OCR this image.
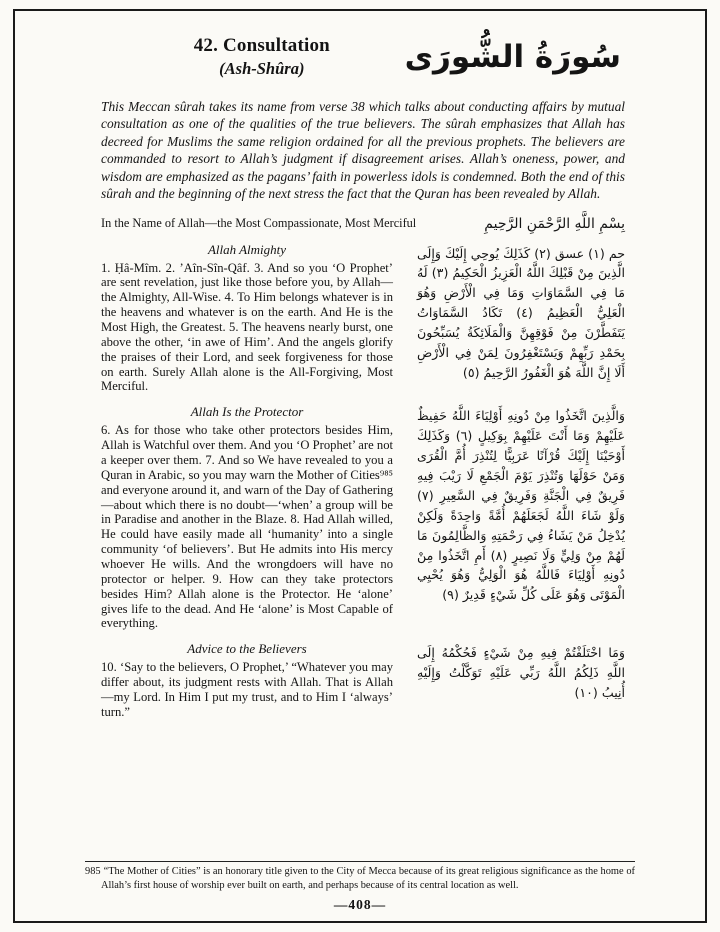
42. Consultation
(Ash-Shûra)	سُورَةُ الشُّورَى

This Meccan sûrah takes its name from verse 38 which talks about conducting affairs by mutual consultation as one of the qualities of the true believers. The sûrah emphasizes that Allah has decreed for Muslims the same religion ordained for all the previous prophets. The believers are commanded to resort to Allah’s judgment if disagreement arises. Allah’s oneness, power, and wisdom are emphasized as the pagans’ faith in powerless idols is condemned. Both the end of this sûrah and the beginning of the next stress the fact that the Quran has been revealed by Allah.

In the Name of Allah—the Most Compassionate, Most Merciful	بِسْمِ اللَّهِ الرَّحْمَنِ الرَّحِيمِ
Allah Almighty

1. Ḥâ-Mîm. 2. ’Aîn-Sîn-Qâf. 3. And so you ‘O Prophet’ are sent revelation, just like those before you, by Allah—the Almighty, All-Wise. 4. To Him belongs whatever is in the heavens and whatever is on the earth. And He is the Most High, the Greatest. 5. The heavens nearly burst, one above the other, ‘in awe of Him’. And the angels glorify the praises of their Lord, and seek forgiveness for those on earth. Surely Allah alone is the All-Forgiving, Most Merciful.

حم (١) عسق (٢) كَذَلِكَ يُوحِي إِلَيْكَ وَإِلَى الَّذِينَ مِنْ قَبْلِكَ اللَّهُ الْعَزِيزُ الْحَكِيمُ (٣) لَهُ مَا فِي السَّمَاوَاتِ وَمَا فِي الْأَرْضِ وَهُوَ الْعَلِيُّ الْعَظِيمُ (٤) تَكَادُ السَّمَاوَاتُ يَتَفَطَّرْنَ مِنْ فَوْقِهِنَّ وَالْمَلَائِكَةُ يُسَبِّحُونَ بِحَمْدِ رَبِّهِمْ وَيَسْتَغْفِرُونَ لِمَنْ فِي الْأَرْضِ أَلَا إِنَّ اللَّهَ هُوَ الْغَفُورُ الرَّحِيمُ (٥)
Allah Is the Protector

6. As for those who take other protectors besides Him, Allah is Watchful over them. And you ‘O Prophet’ are not a keeper over them. 7. And so We have revealed to you a Quran in Arabic, so you may warn the Mother of Cities⁹⁸⁵ and everyone around it, and warn of the Day of Gathering—about which there is no doubt—‘when’ a group will be in Paradise and another in the Blaze. 8. Had Allah willed, He could have easily made all ‘humanity’ into a single community ‘of believers’. But He admits into His mercy whoever He wills. And the wrongdoers will have no protector or helper. 9. How can they take protectors besides Him? Allah alone is the Protector. He ‘alone’ gives life to the dead. And He ‘alone’ is Most Capable of everything.

وَالَّذِينَ اتَّخَذُوا مِنْ دُونِهِ أَوْلِيَاءَ اللَّهُ حَفِيظٌ عَلَيْهِمْ وَمَا أَنْتَ عَلَيْهِمْ بِوَكِيلٍ (٦) وَكَذَلِكَ أَوْحَيْنَا إِلَيْكَ قُرْآنًا عَرَبِيًّا لِتُنْذِرَ أُمَّ الْقُرَى وَمَنْ حَوْلَهَا وَتُنْذِرَ يَوْمَ الْجَمْعِ لَا رَيْبَ فِيهِ فَرِيقٌ فِي الْجَنَّةِ وَفَرِيقٌ فِي السَّعِيرِ (٧) وَلَوْ شَاءَ اللَّهُ لَجَعَلَهُمْ أُمَّةً وَاحِدَةً وَلَكِنْ يُدْخِلُ مَنْ يَشَاءُ فِي رَحْمَتِهِ وَالظَّالِمُونَ مَا لَهُمْ مِنْ وَلِيٍّ وَلَا نَصِيرٍ (٨) أَمِ اتَّخَذُوا مِنْ دُونِهِ أَوْلِيَاءَ فَاللَّهُ هُوَ الْوَلِيُّ وَهُوَ يُحْيِي الْمَوْتَى وَهُوَ عَلَى كُلِّ شَيْءٍ قَدِيرٌ (٩)
Advice to the Believers

10. ‘Say to the believers, O Prophet,’ “Whatever you may differ about, its judgment rests with Allah. That is Allah—my Lord. In Him I put my trust, and to Him I ‘always’ turn.”

وَمَا اخْتَلَفْتُمْ فِيهِ مِنْ شَيْءٍ فَحُكْمُهُ إِلَى اللَّهِ ذَلِكُمُ اللَّهُ رَبِّي عَلَيْهِ تَوَكَّلْتُ وَإِلَيْهِ أُنِيبُ (١٠)

985 “The Mother of Cities” is an honorary title given to the City of Mecca because of its great religious significance as the home of Allah’s first house of worship ever built on earth, and perhaps because of its central location as well.

—408—
